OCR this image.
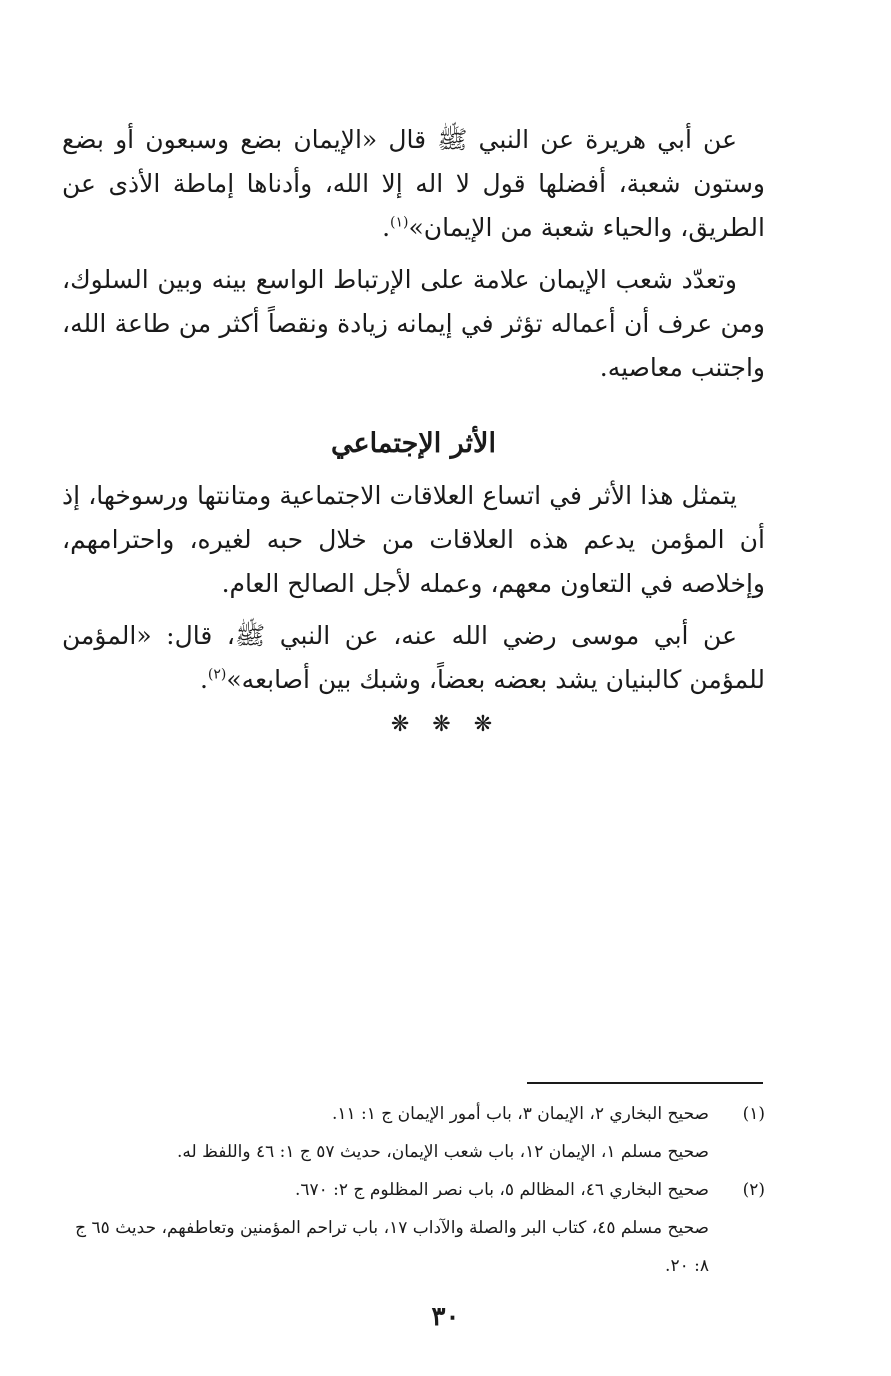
عن أبي هريرة عن النبي ﷺ قال «الإيمان بضع وسبعون أو بضع وستون شعبة، أفضلها قول لا اله إلا الله، وأدناها إماطة الأذى عن الطريق، والحياء شعبة من الإيمان»$^{(١)}$.

وتعدّد شعب الإيمان علامة على الإرتباط الواسع بينه وبين السلوك، ومن عرف أن أعماله تؤثر في إيمانه زيادة ونقصاً أكثر من طاعة الله، واجتنب معاصيه.

الأثر الإجتماعي

يتمثل هذا الأثر في اتساع العلاقات الاجتماعية ومتانتها ورسوخها، إذ أن المؤمن يدعم هذه العلاقات من خلال حبه لغيره، واحترامهم، وإخلاصه في التعاون معهم، وعمله لأجل الصالح العام.

عن أبي موسى رضي الله عنه، عن النبي ﷺ، قال: «المؤمن للمؤمن كالبنيان يشد بعضه بعضاً، وشبك بين أصابعه»$^{(٢)}$.

❋ ❋ ❋
(١)
صحيح البخاري ٢، الإيمان ٣، باب أمور الإيمان ج ١: ١١.
صحيح مسلم ١، الإيمان ١٢، باب شعب الإيمان، حديث ٥٧ ج ١: ٤٦ واللفظ له.
(٢)
صحيح البخاري ٤٦، المظالم ٥، باب نصر المظلوم ج ٢: ٦٧٠.
صحيح مسلم ٤٥، كتاب البر والصلة والآداب ١٧، باب تراحم المؤمنين وتعاطفهم، حديث ٦٥ ج ٨: ٢٠.
٣٠
